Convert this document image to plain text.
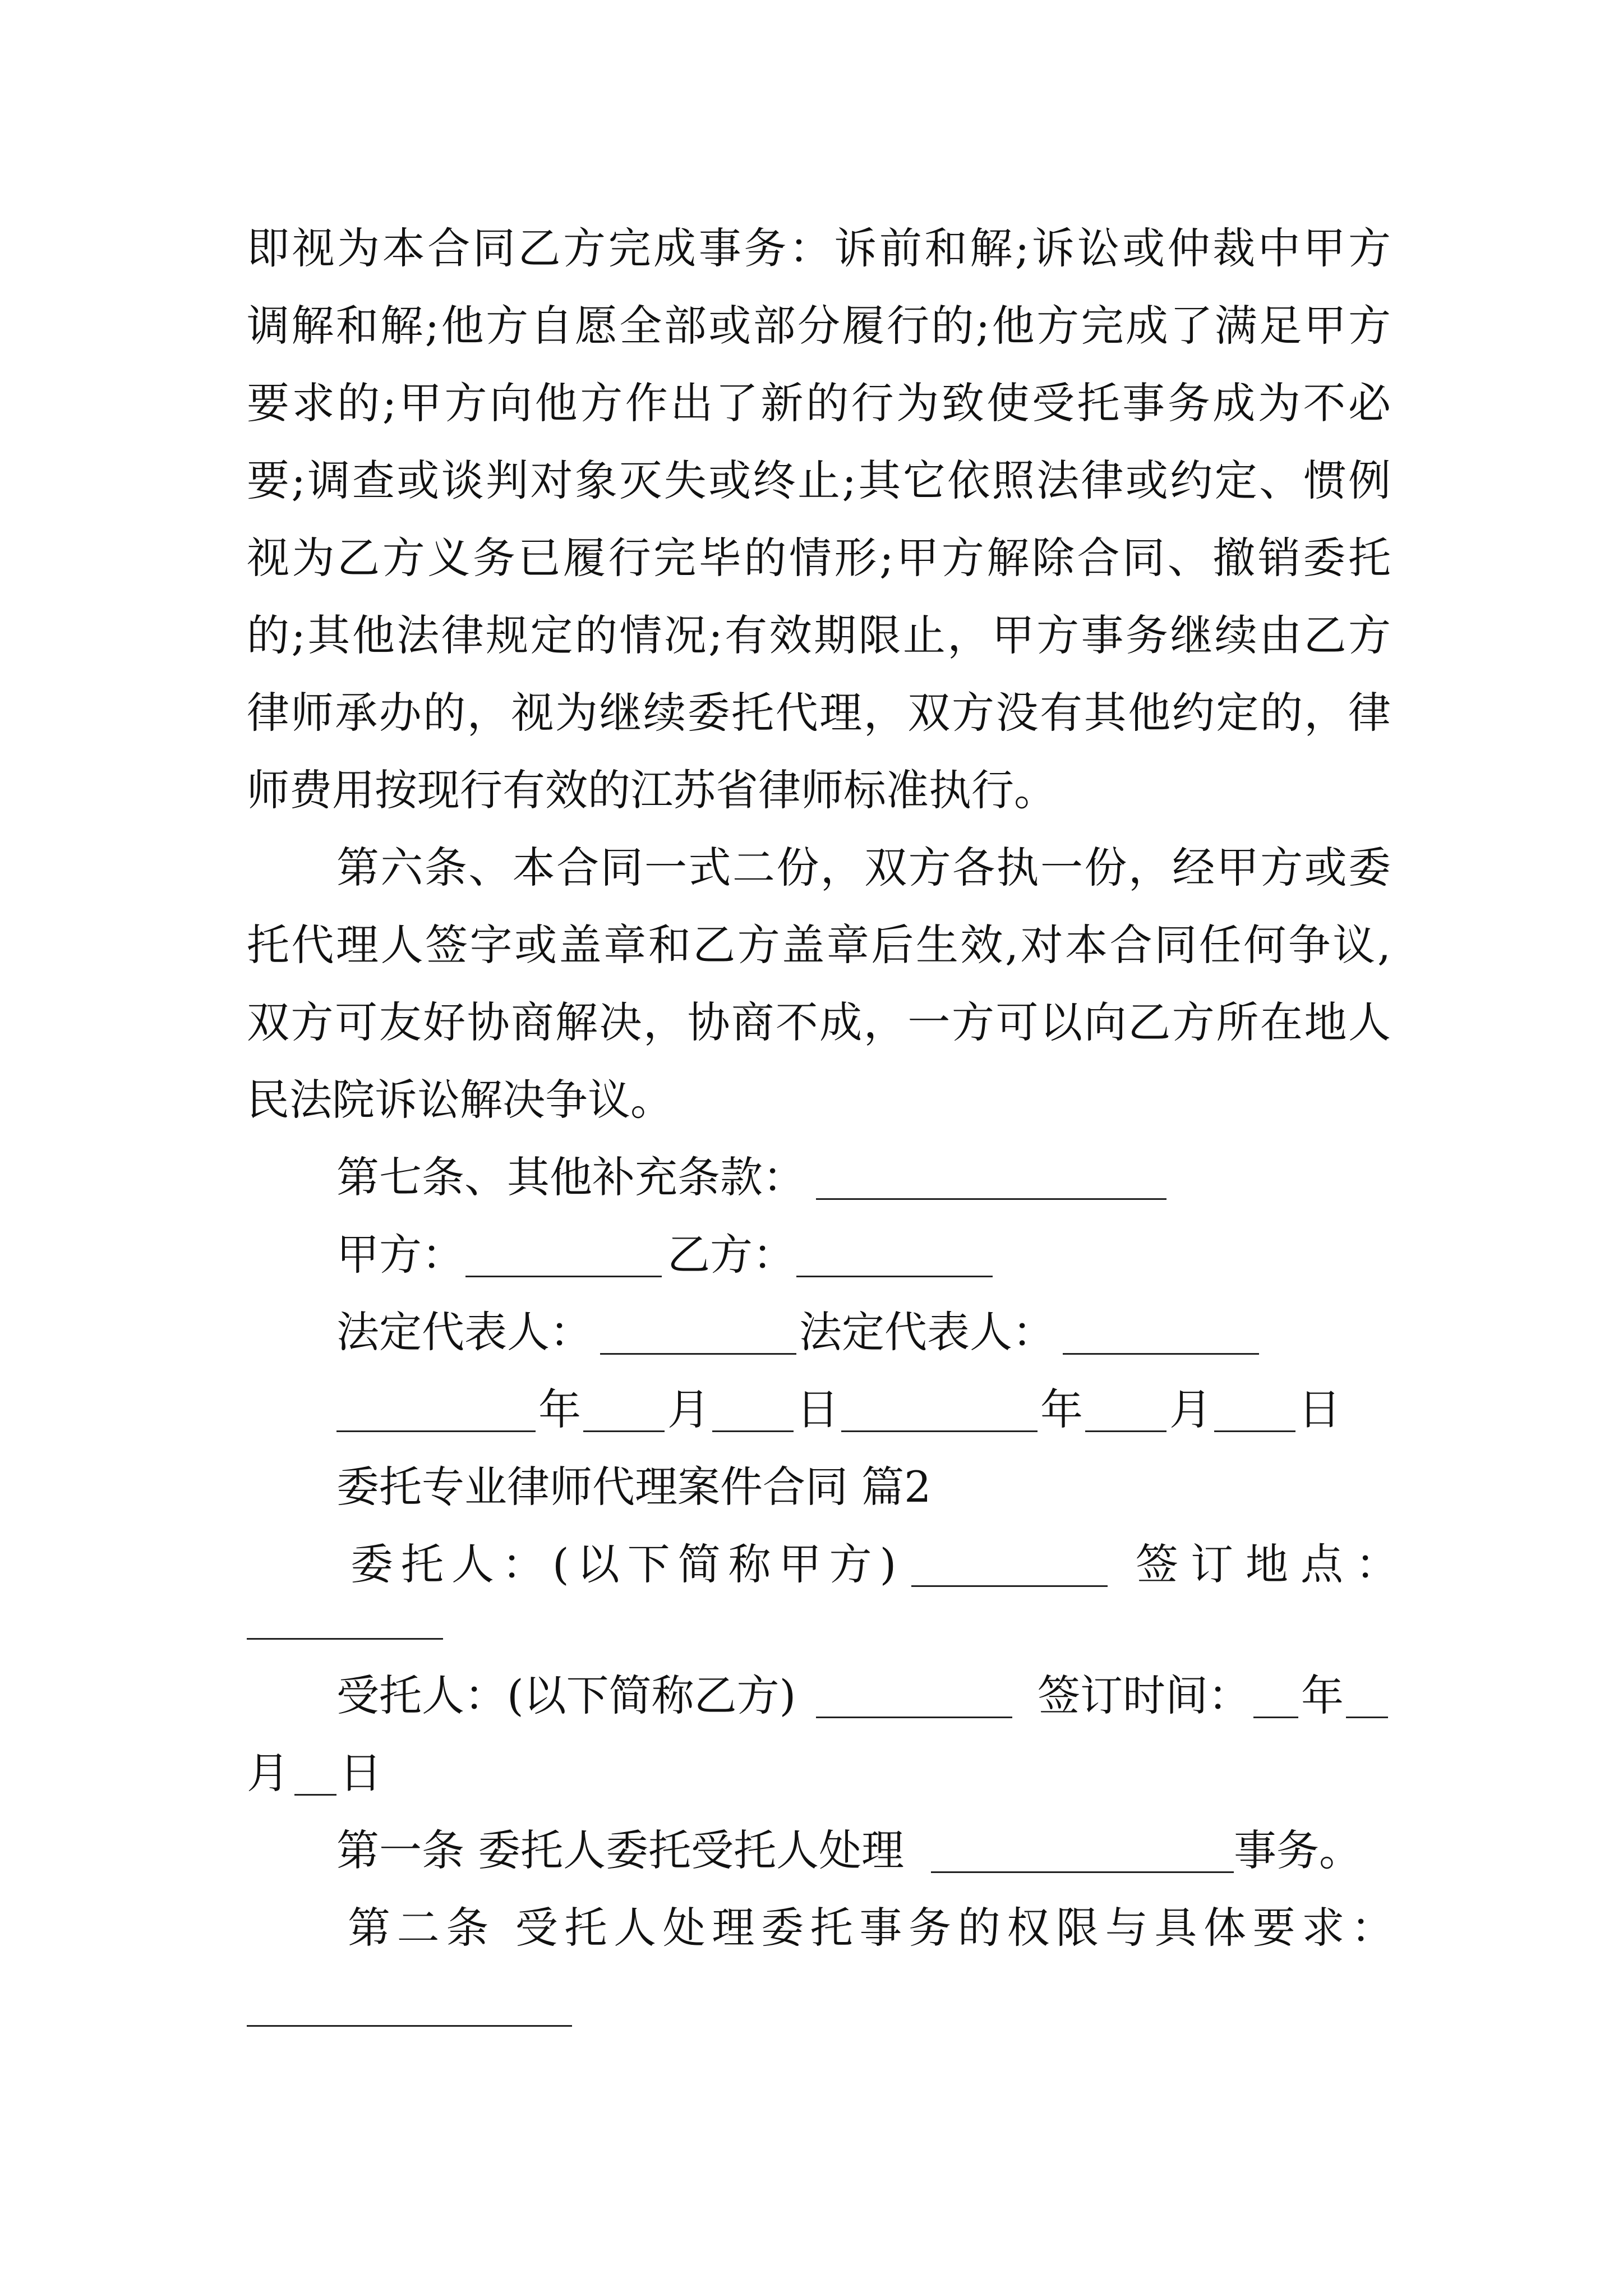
即视为本合同乙方完成事务：诉前和解;诉讼或仲裁中甲方
调解和解;他方自愿全部或部分履行的;他方完成了满足甲方
要求的;甲方向他方作出了新的行为致使受托事务成为不必
要;调查或谈判对象灭失或终止;其它依照法律或约定、惯例
视为乙方义务已履行完毕的情形;甲方解除合同、撤销委托
的;其他法律规定的情况;有效期限止，甲方事务继续由乙方
律师承办的，视为继续委托代理，双方没有其他约定的，律
师费用按现行有效的江苏省律师标准执行。
第六条、本合同一式二份，双方各执一份，经甲方或委
托代理人签字或盖章和乙方盖章后生效,对本合同任何争议,
双方可友好协商解决，协商不成，一方可以向乙方所在地人
民法院诉讼解决争议。
第七条、其他补充条款：
甲方：	乙方：
法定代表人：	法定代表人：
年	月	日	年	月	日
委托专业律师代理案件合同 篇2
委托人：(以下简称甲方)	签订地点：
受托人：(以下简称乙方)	签订时间： 年
月 日
第一条 委托人委托受托人处理	事务。
第二条 受托人处理委托事务的权限与具体要求：
